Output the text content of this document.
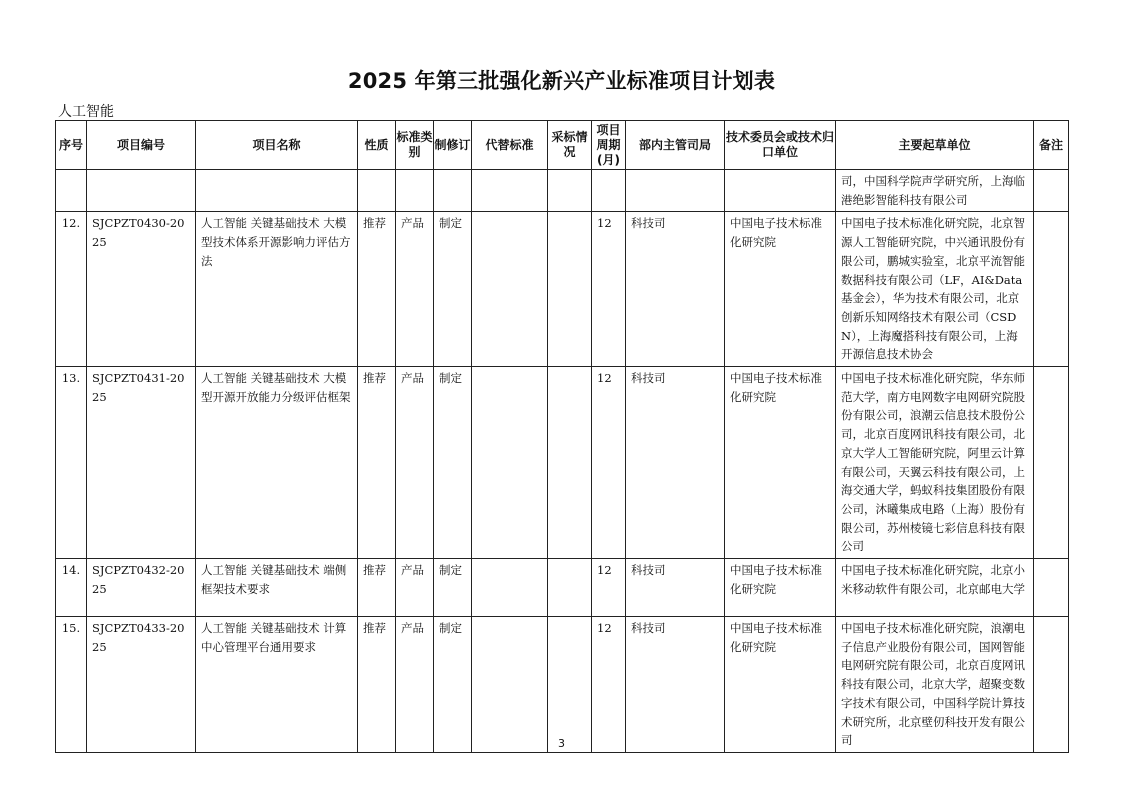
2025 年第三批强化新兴产业标准项目计划表
人工智能
序号	项目编号	项目名称	性质	标准类别	制修订	代替标准	采标情况	项目周期(月)	部内主管司局	技术委员会或技术归口单位	主要起草单位	备注
											司，中国科学院声学研究所，上海临港绝影智能科技有限公司	
12.	SJCPZT0430-2025	人工智能 关键基础技术 大模型技术体系开源影响力评估方法	推荐	产品	制定			12	科技司	中国电子技术标准化研究院	中国电子技术标准化研究院，北京智源人工智能研究院，中兴通讯股份有限公司，鹏城实验室，北京平流智能数据科技有限公司（LF，AI&Data 基金会），华为技术有限公司，北京创新乐知网络技术有限公司（CSDN），上海魔搭科技有限公司，上海开源信息技术协会	
13.	SJCPZT0431-2025	人工智能 关键基础技术 大模型开源开放能力分级评估框架	推荐	产品	制定			12	科技司	中国电子技术标准化研究院	中国电子技术标准化研究院，华东师范大学，南方电网数字电网研究院股份有限公司，浪潮云信息技术股份公司，北京百度网讯科技有限公司，北京大学人工智能研究院，阿里云计算有限公司，天翼云科技有限公司，上海交通大学，蚂蚁科技集团股份有限公司，沐曦集成电路（上海）股份有限公司，苏州棱镜七彩信息科技有限公司	
14.	SJCPZT0432-2025	人工智能 关键基础技术 端侧框架技术要求	推荐	产品	制定			12	科技司	中国电子技术标准化研究院	中国电子技术标准化研究院，北京小米移动软件有限公司，北京邮电大学	
15.	SJCPZT0433-2025	人工智能 关键基础技术 计算中心管理平台通用要求	推荐	产品	制定			12	科技司	中国电子技术标准化研究院	中国电子技术标准化研究院，浪潮电子信息产业股份有限公司，国网智能电网研究院有限公司，北京百度网讯科技有限公司，北京大学，超聚变数字技术有限公司，中国科学院计算技术研究所，北京壁仞科技开发有限公司	
3
